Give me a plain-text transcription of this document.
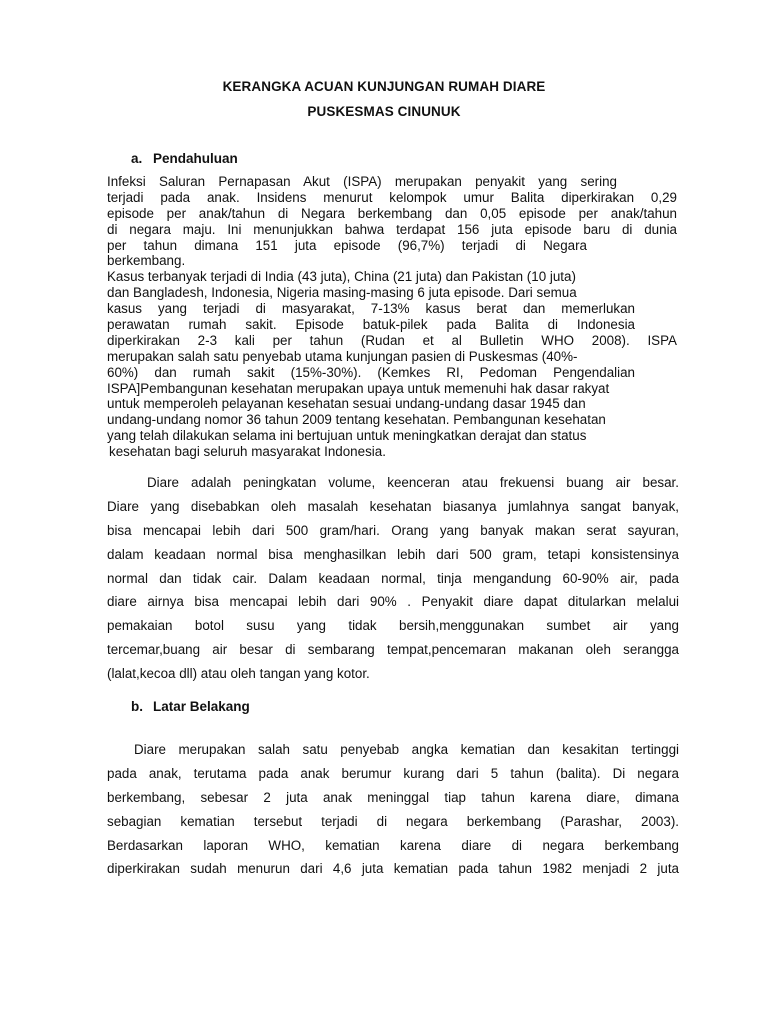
KERANGKA ACUAN KUNJUNGAN RUMAH DIARE
PUSKESMAS CINUNUK
a. Pendahuluan
Infeksi Saluran Pernapasan Akut (ISPA) merupakan penyakit yang sering
terjadi pada anak. Insidens menurut kelompok umur Balita diperkirakan 0,29
episode per anak/tahun di Negara berkembang dan 0,05 episode per anak/tahun
di negara maju. Ini menunjukkan bahwa terdapat 156 juta episode baru di dunia
per tahun dimana 151 juta episode (96,7%) terjadi di Negara
berkembang.
Kasus terbanyak terjadi di India (43 juta), China (21 juta) dan Pakistan (10 juta)
dan Bangladesh, Indonesia, Nigeria masing-masing 6 juta episode. Dari semua
kasus yang terjadi di masyarakat, 7-13% kasus berat dan memerlukan
perawatan rumah sakit. Episode batuk-pilek pada Balita di Indonesia
diperkirakan 2-3 kali per tahun (Rudan et al Bulletin WHO 2008). ISPA
merupakan salah satu penyebab utama kunjungan pasien di Puskesmas (40%-
60%) dan rumah sakit (15%-30%). (Kemkes RI, Pedoman Pengendalian
ISPA]Pembangunan kesehatan merupakan upaya untuk memenuhi hak dasar rakyat
untuk memperoleh pelayanan kesehatan sesuai undang-undang dasar 1945 dan
undang-undang nomor 36 tahun 2009 tentang kesehatan. Pembangunan kesehatan
yang telah dilakukan selama ini bertujuan untuk meningkatkan derajat dan status
kesehatan bagi seluruh masyarakat Indonesia.
Diare adalah peningkatan volume, keenceran atau frekuensi buang air besar.
Diare yang disebabkan oleh masalah kesehatan biasanya jumlahnya sangat banyak,
bisa mencapai lebih dari 500 gram/hari. Orang yang banyak makan serat sayuran,
dalam keadaan normal bisa menghasilkan lebih dari 500 gram, tetapi konsistensinya
normal dan tidak cair. Dalam keadaan normal, tinja mengandung 60-90% air, pada
diare airnya bisa mencapai lebih dari 90% . Penyakit diare dapat ditularkan melalui
pemakaian botol susu yang tidak bersih,menggunakan sumbet air yang
tercemar,buang air besar di sembarang tempat,pencemaran makanan oleh serangga
(lalat,kecoa dll) atau oleh tangan yang kotor.
b. Latar Belakang
Diare merupakan salah satu penyebab angka kematian dan kesakitan tertinggi
pada anak, terutama pada anak berumur kurang dari 5 tahun (balita). Di negara
berkembang, sebesar 2 juta anak meninggal tiap tahun karena diare, dimana
sebagian kematian tersebut terjadi di negara berkembang (Parashar, 2003).
Berdasarkan laporan WHO, kematian karena diare di negara berkembang
diperkirakan sudah menurun dari 4,6 juta kematian pada tahun 1982 menjadi 2 juta
